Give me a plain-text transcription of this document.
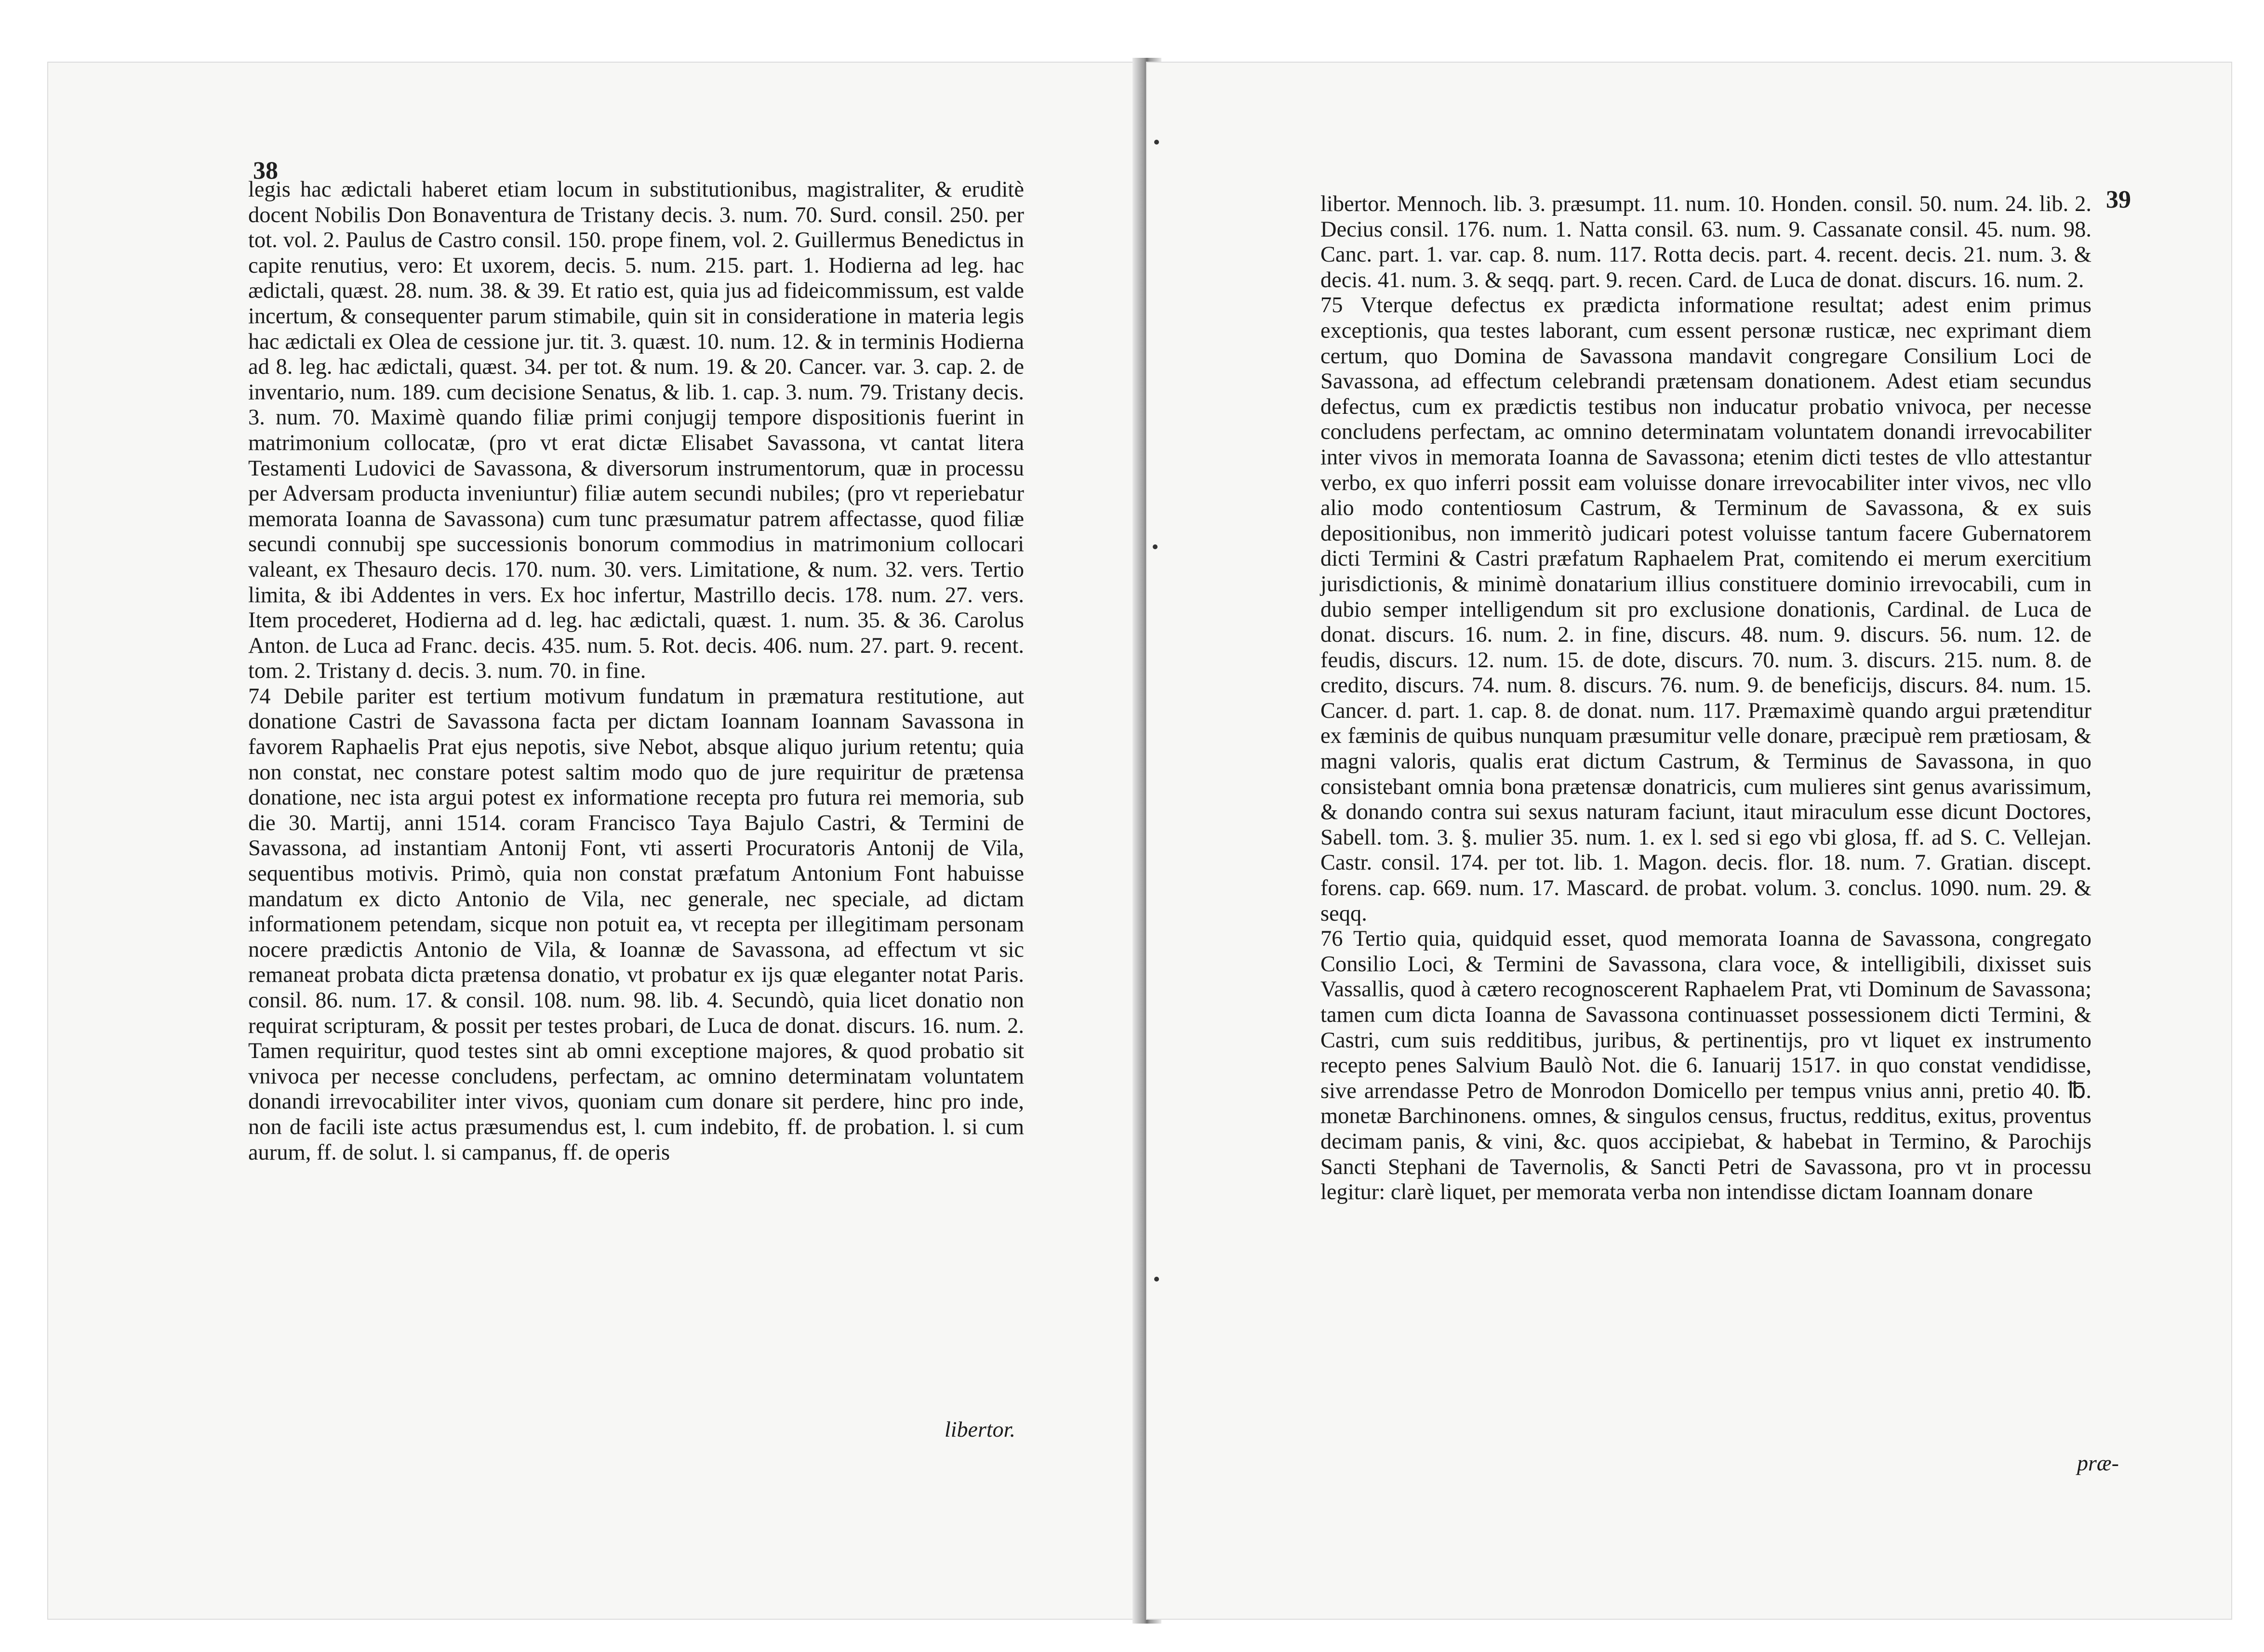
38

legis hac ædictali haberet etiam locum in substitutionibus, magistraliter, & eruditè docent Nobilis Don Bonaventura de Tristany decis. 3. num. 70. Surd. consil. 250. per tot. vol. 2. Paulus de Castro consil. 150. prope finem, vol. 2. Guillermus Benedictus in capite renutius, vero: Et uxorem, decis. 5. num. 215. part. 1. Hodierna ad leg. hac ædictali, quæst. 28. num. 38. & 39. Et ratio est, quia jus ad fideicommissum, est valde incertum, & consequenter parum stimabile, quin sit in consideratione in materia legis hac ædictali ex Olea de cessione jur. tit. 3. quæst. 10. num. 12. & in terminis Hodierna ad 8. leg. hac ædictali, quæst. 34. per tot. & num. 19. & 20. Cancer. var. 3. cap. 2. de inventario, num. 189. cum decisione Senatus, & lib. 1. cap. 3. num. 79. Tristany decis. 3. num. 70. Maximè quando filiæ primi conjugij tempore dispositionis fuerint in matrimonium collocatæ, (pro vt erat dictæ Elisabet Savassona, vt cantat litera Testamenti Ludovici de Savassona, & diversorum instrumentorum, quæ in processu per Adversam producta inveniuntur) filiæ autem secundi nubiles; (pro vt reperiebatur memorata Ioanna de Savassona) cum tunc præsumatur patrem affectasse, quod filiæ secundi connubij spe successionis bonorum commodius in matrimonium collocari valeant, ex Thesauro decis. 170. num. 30. vers. Limitatione, & num. 32. vers. Tertio limita, & ibi Addentes in vers. Ex hoc infertur, Mastrillo decis. 178. num. 27. vers. Item procederet, Hodierna ad d. leg. hac ædictali, quæst. 1. num. 35. & 36. Carolus Anton. de Luca ad Franc. decis. 435. num. 5. Rot. decis. 406. num. 27. part. 9. recent. tom. 2. Tristany d. decis. 3. num. 70. in fine.

74 Debile pariter est tertium motivum fundatum in præmatura restitutione, aut donatione Castri de Savassona facta per dictam Ioannam Ioannam Savassona in favorem Raphaelis Prat ejus nepotis, sive Nebot, absque aliquo jurium retentu; quia non constat, nec constare potest saltim modo quo de jure requiritur de prætensa donatione, nec ista argui potest ex informatione recepta pro futura rei memoria, sub die 30. Martij, anni 1514. coram Francisco Taya Bajulo Castri, & Termini de Savassona, ad instantiam Antonij Font, vti asserti Procuratoris Antonij de Vila, sequentibus motivis. Primò, quia non constat præfatum Antonium Font habuisse mandatum ex dicto Antonio de Vila, nec generale, nec speciale, ad dictam informationem petendam, sicque non potuit ea, vt recepta per illegitimam personam nocere prædictis Antonio de Vila, & Ioannæ de Savassona, ad effectum vt sic remaneat probata dicta prætensa donatio, vt probatur ex ijs quæ eleganter notat Paris. consil. 86. num. 17. & consil. 108. num. 98. lib. 4. Secundò, quia licet donatio non requirat scripturam, & possit per testes probari, de Luca de donat. discurs. 16. num. 2. Tamen requiritur, quod testes sint ab omni exceptione majores, & quod probatio sit vnivoca per necesse concludens, perfectam, ac omnino determinatam voluntatem donandi irrevocabiliter inter vivos, quoniam cum donare sit perdere, hinc pro inde, non de facili iste actus præsumendus est, l. cum indebito, ff. de probation. l. si cum aurum, ff. de solut. l. si campanus, ff. de operis

libertor.
39

libertor. Mennoch. lib. 3. præsumpt. 11. num. 10. Honden. consil. 50. num. 24. lib. 2. Decius consil. 176. num. 1. Natta consil. 63. num. 9. Cassanate consil. 45. num. 98. Canc. part. 1. var. cap. 8. num. 117. Rotta decis. part. 4. recent. decis. 21. num. 3. & decis. 41. num. 3. & seqq. part. 9. recen. Card. de Luca de donat. discurs. 16. num. 2.

75 Vterque defectus ex prædicta informatione resultat; adest enim primus exceptionis, qua testes laborant, cum essent personæ rusticæ, nec exprimant diem certum, quo Domina de Savassona mandavit congregare Consilium Loci de Savassona, ad effectum celebrandi prætensam donationem. Adest etiam secundus defectus, cum ex prædictis testibus non inducatur probatio vnivoca, per necesse concludens perfectam, ac omnino determinatam voluntatem donandi irrevocabiliter inter vivos in memorata Ioanna de Savassona; etenim dicti testes de vllo attestantur verbo, ex quo inferri possit eam voluisse donare irrevocabiliter inter vivos, nec vllo alio modo contentiosum Castrum, & Terminum de Savassona, & ex suis depositionibus, non immeritò judicari potest voluisse tantum facere Gubernatorem dicti Termini & Castri præfatum Raphaelem Prat, comitendo ei merum exercitium jurisdictionis, & minimè donatarium illius constituere dominio irrevocabili, cum in dubio semper intelligendum sit pro exclusione donationis, Cardinal. de Luca de donat. discurs. 16. num. 2. in fine, discurs. 48. num. 9. discurs. 56. num. 12. de feudis, discurs. 12. num. 15. de dote, discurs. 70. num. 3. discurs. 215. num. 8. de credito, discurs. 74. num. 8. discurs. 76. num. 9. de beneficijs, discurs. 84. num. 15. Cancer. d. part. 1. cap. 8. de donat. num. 117. Præmaximè quando argui prætenditur ex fæminis de quibus nunquam præsumitur velle donare, præcipuè rem prætiosam, & magni valoris, qualis erat dictum Castrum, & Terminus de Savassona, in quo consistebant omnia bona prætensæ donatricis, cum mulieres sint genus avarissimum, & donando contra sui sexus naturam faciunt, itaut miraculum esse dicunt Doctores, Sabell. tom. 3. §. mulier 35. num. 1. ex l. sed si ego vbi glosa, ff. ad S. C. Vellejan. Castr. consil. 174. per tot. lib. 1. Magon. decis. flor. 18. num. 7. Gratian. discept. forens. cap. 669. num. 17. Mascard. de probat. volum. 3. conclus. 1090. num. 29. & seqq.

76 Tertio quia, quidquid esset, quod memorata Ioanna de Savassona, congregato Consilio Loci, & Termini de Savassona, clara voce, & intelligibili, dixisset suis Vassallis, quod à cætero recognoscerent Raphaelem Prat, vti Dominum de Savassona; tamen cum dicta Ioanna de Savassona continuasset possessionem dicti Termini, & Castri, cum suis redditibus, juribus, & pertinentijs, pro vt liquet ex instrumento recepto penes Salvium Baulò Not. die 6. Ianuarij 1517. in quo constat vendidisse, sive arrendasse Petro de Monrodon Domicello per tempus vnius anni, pretio 40. ℔. monetæ Barchinonens. omnes, & singulos census, fructus, redditus, exitus, proventus decimam panis, & vini, &c. quos accipiebat, & habebat in Termino, & Parochijs Sancti Stephani de Tavernolis, & Sancti Petri de Savassona, pro vt in processu legitur: clarè liquet, per memorata verba non intendisse dictam Ioannam donare

præ-
